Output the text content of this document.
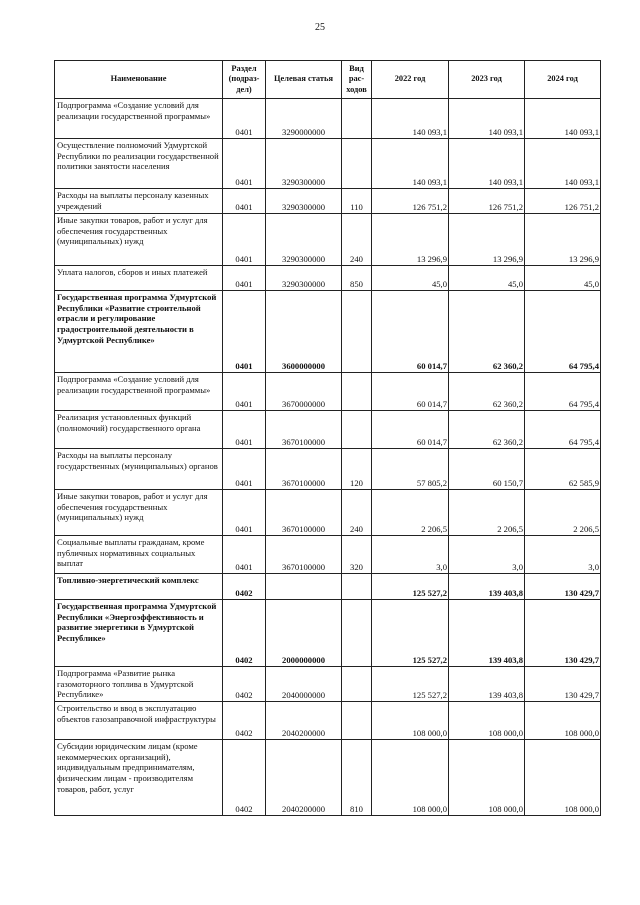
25
Наименование	Раздел (подраз-дел)	Целевая статья	Вид рас-ходов	2022 год	2023 год	2024 год
Подпрограмма «Создание условий для реализации государственной программы»	0401	3290000000		140 093,1	140 093,1	140 093,1
Осуществление полномочий Удмуртской Республики по реализации государственной политики занятости населения	0401	3290300000		140 093,1	140 093,1	140 093,1
Расходы на выплаты персоналу казенных учреждений	0401	3290300000	110	126 751,2	126 751,2	126 751,2
Иные закупки товаров, работ и услуг для обеспечения государственных (муниципальных) нужд	0401	3290300000	240	13 296,9	13 296,9	13 296,9
Уплата налогов, сборов и иных платежей	0401	3290300000	850	45,0	45,0	45,0
Государственная программа Удмуртской Республики «Развитие строительной отрасли и регулирование градостроительной деятельности в Удмуртской Республике»	0401	3600000000		60 014,7	62 360,2	64 795,4
Подпрограмма «Создание условий для реализации государственной программы»	0401	3670000000		60 014,7	62 360,2	64 795,4
Реализация установленных функций (полномочий) государственного органа	0401	3670100000		60 014,7	62 360,2	64 795,4
Расходы на выплаты персоналу государственных (муниципальных) органов	0401	3670100000	120	57 805,2	60 150,7	62 585,9
Иные закупки товаров, работ и услуг для обеспечения государственных (муниципальных) нужд	0401	3670100000	240	2 206,5	2 206,5	2 206,5
Социальные выплаты гражданам, кроме публичных нормативных социальных выплат	0401	3670100000	320	3,0	3,0	3,0
Топливно-энергетический комплекс	0402			125 527,2	139 403,8	130 429,7
Государственная программа Удмуртской Республики «Энергоэффективность и развитие энергетики в Удмуртской Республике»	0402	2000000000		125 527,2	139 403,8	130 429,7
Подпрограмма «Развитие рынка газомоторного топлива в Удмуртской Республике»	0402	2040000000		125 527,2	139 403,8	130 429,7
Строительство и ввод в эксплуатацию объектов газозаправочной инфраструктуры	0402	2040200000		108 000,0	108 000,0	108 000,0
Субсидии юридическим лицам (кроме некоммерческих организаций), индивидуальным предпринимателям, физическим лицам - производителям товаров, работ, услуг	0402	2040200000	810	108 000,0	108 000,0	108 000,0
